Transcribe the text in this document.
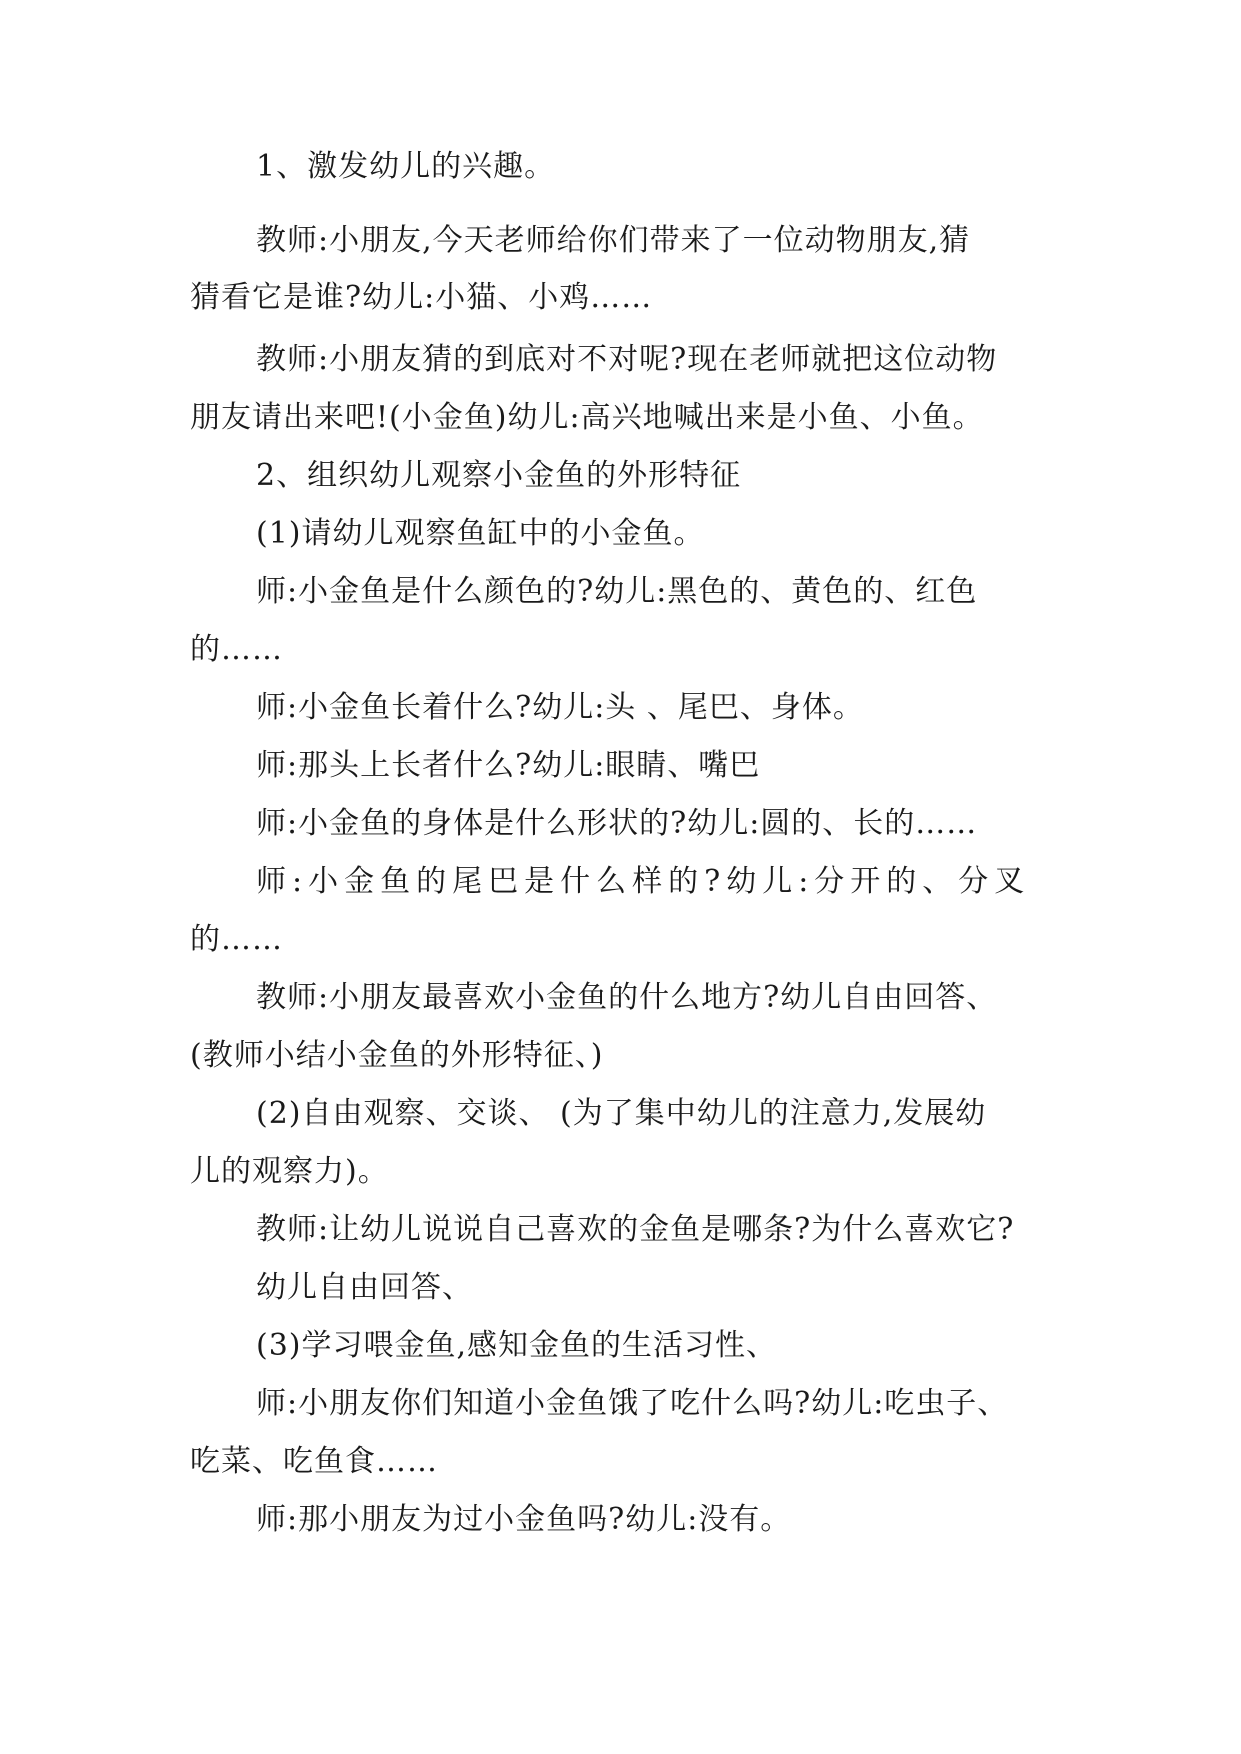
1、激发幼儿的兴趣。
教师:小朋友,今天老师给你们带来了一位动物朋友,猜
猜看它是谁?幼儿:小猫、小鸡……
教师:小朋友猜的到底对不对呢?现在老师就把这位动物
朋友请出来吧!(小金鱼)幼儿:高兴地喊出来是小鱼、小鱼。
2、组织幼儿观察小金鱼的外形特征
(1)请幼儿观察鱼缸中的小金鱼。
师:小金鱼是什么颜色的?幼儿:黑色的、黄色的、红色
的……
师:小金鱼长着什么?幼儿:头 、尾巴、身体。
师:那头上长者什么?幼儿:眼睛、嘴巴
师:小金鱼的身体是什么形状的?幼儿:圆的、长的……
师:小金鱼的尾巴是什么样的?幼儿:分开的、分叉
的……
教师:小朋友最喜欢小金鱼的什么地方?幼儿自由回答、
(教师小结小金鱼的外形特征、)
(2)自由观察、交谈、 (为了集中幼儿的注意力,发展幼
儿的观察力)。
教师:让幼儿说说自己喜欢的金鱼是哪条?为什么喜欢它?
幼儿自由回答、
(3)学习喂金鱼,感知金鱼的生活习性、
师:小朋友你们知道小金鱼饿了吃什么吗?幼儿:吃虫子、
吃菜、吃鱼食……
师:那小朋友为过小金鱼吗?幼儿:没有。
